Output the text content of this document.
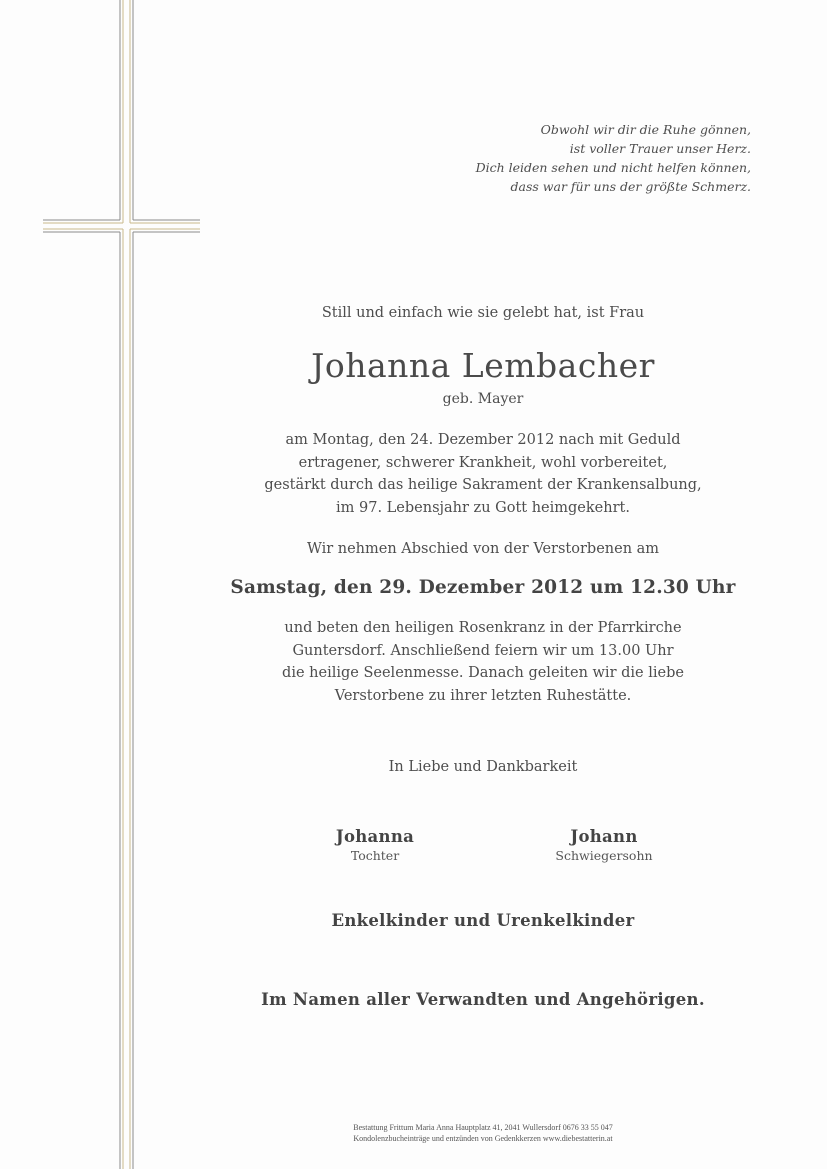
Obwohl wir dir die Ruhe gönnen,
ist voller Trauer unser Herz.
Dich leiden sehen und nicht helfen können,
dass war für uns der größte Schmerz.
Still und einfach wie sie gelebt hat, ist Frau
Johanna Lembacher
geb. Mayer
am Montag, den 24. Dezember 2012 nach mit Geduld
ertragener, schwerer Krankheit, wohl vorbereitet,
gestärkt durch das heilige Sakrament der Krankensalbung,
im 97. Lebensjahr zu Gott heimgekehrt.
Wir nehmen Abschied von der Verstorbenen am
Samstag, den 29. Dezember 2012 um 12.30 Uhr
und beten den heiligen Rosenkranz in der Pfarrkirche
Guntersdorf. Anschließend feiern wir um 13.00 Uhr
die heilige Seelenmesse. Danach geleiten wir die liebe
Verstorbene zu ihrer letzten Ruhestätte.
In Liebe und Dankbarkeit
Johanna
Tochter
Johann
Schwiegersohn
Enkelkinder und Urenkelkinder
Im Namen aller Verwandten und Angehörigen.
Bestattung Frittum Maria Anna Hauptplatz 41, 2041 Wullersdorf 0676 33 55 047
Kondolenzbucheinträge und entzünden von Gedenkkerzen www.diebestatterin.at
